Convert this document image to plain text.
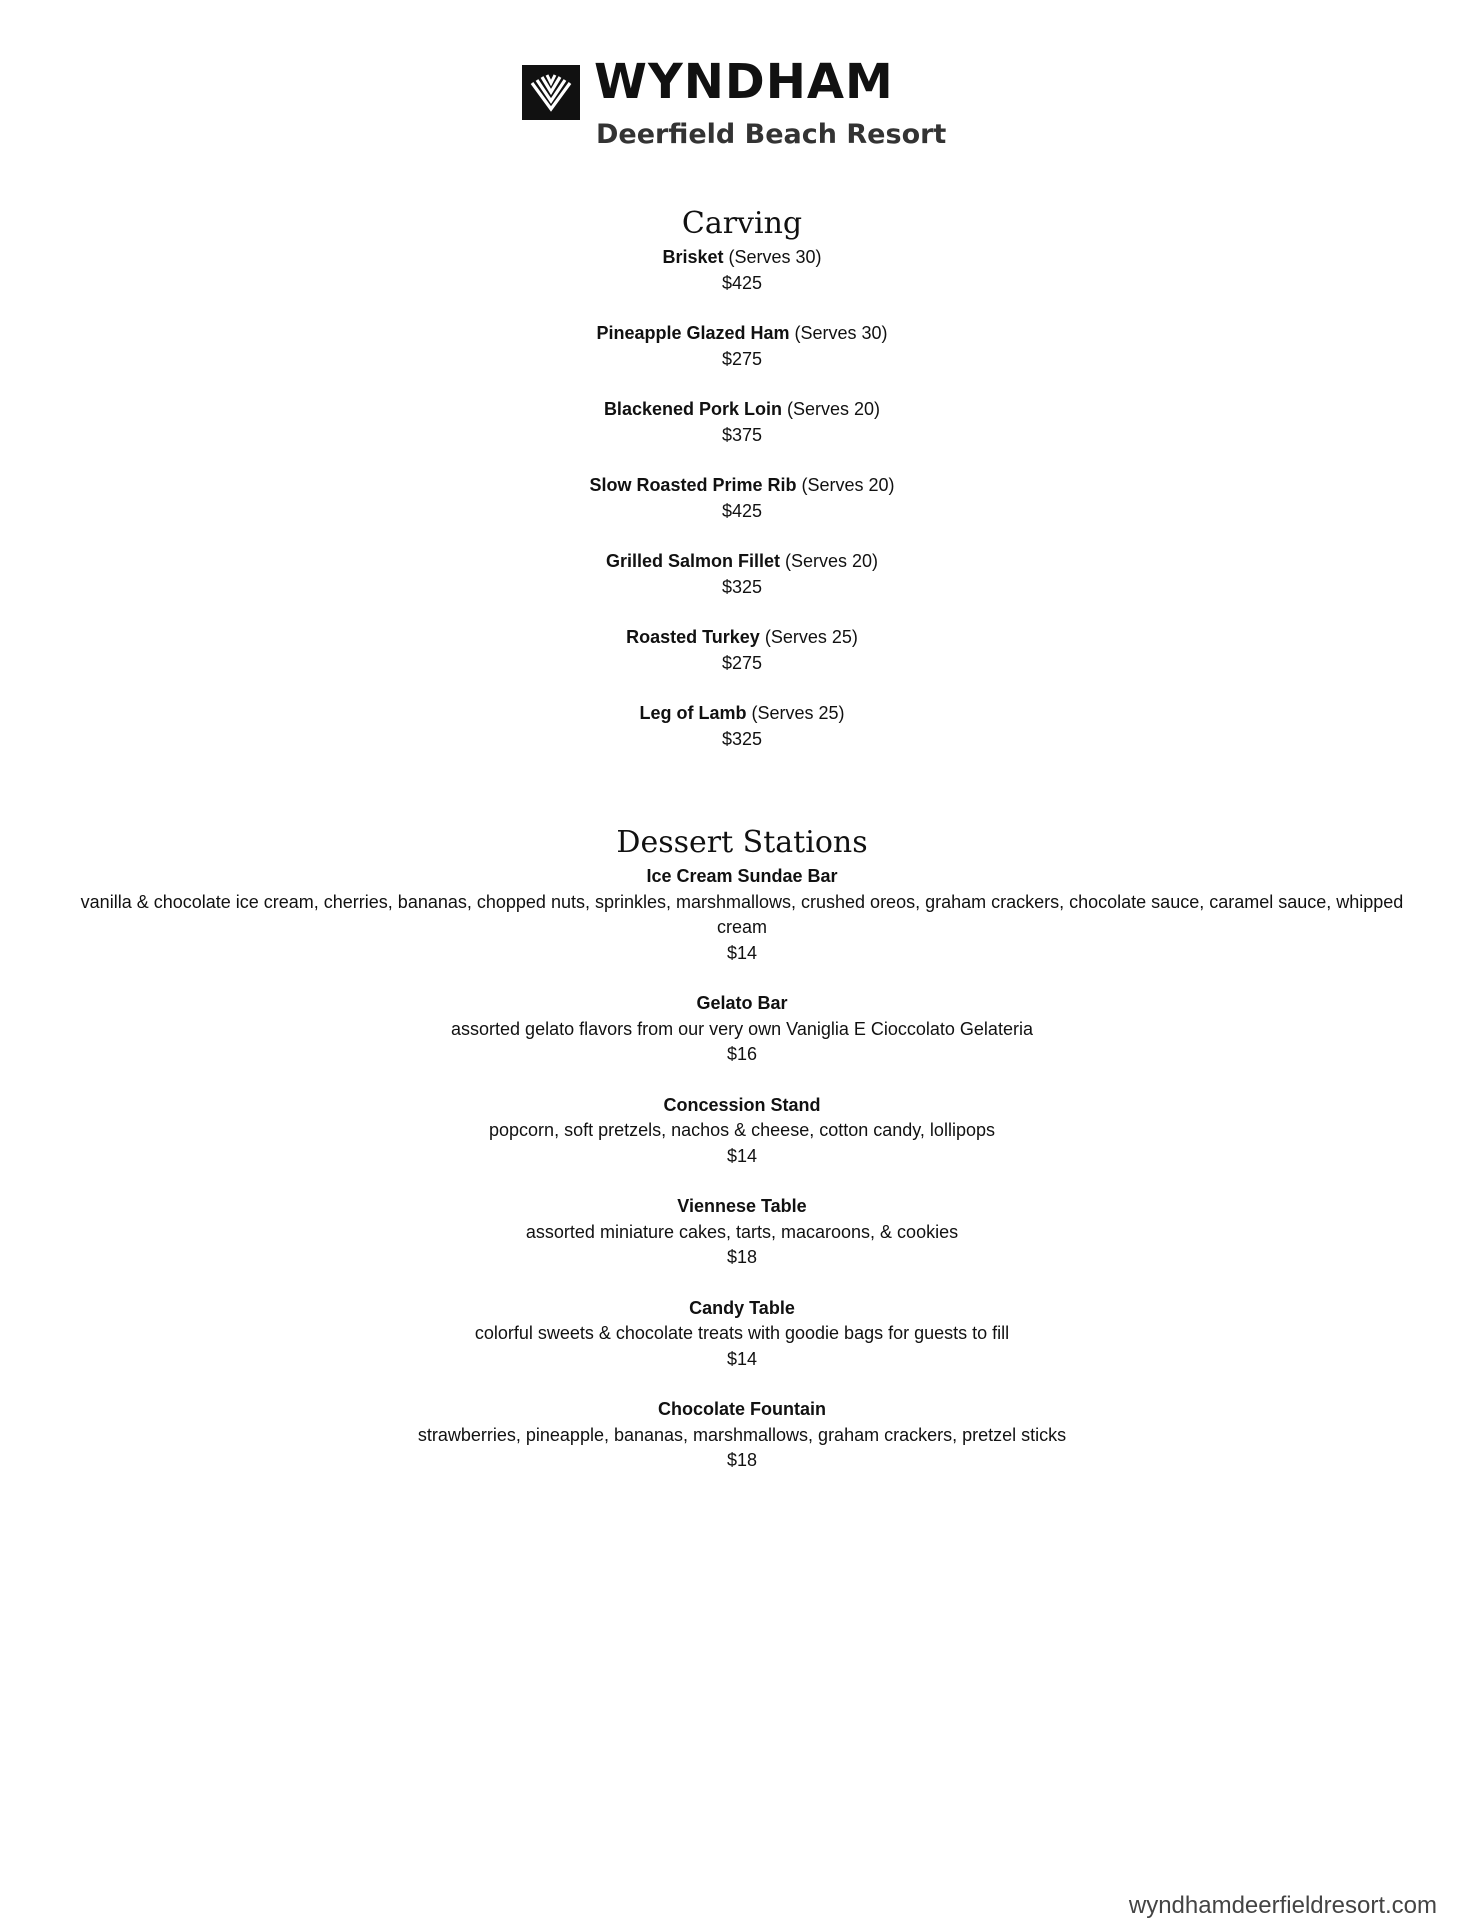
WYNDHAM
Deerfield Beach Resort
Carving
Brisket (Serves 30)
$425
Pineapple Glazed Ham (Serves 30)
$275
Blackened Pork Loin (Serves 20)
$375
Slow Roasted Prime Rib (Serves 20)
$425
Grilled Salmon Fillet (Serves 20)
$325
Roasted Turkey (Serves 25)
$275
Leg of Lamb (Serves 25)
$325
Dessert Stations
Ice Cream Sundae Bar
vanilla & chocolate ice cream, cherries, bananas, chopped nuts, sprinkles, marshmallows, crushed oreos, graham crackers, chocolate sauce, caramel sauce, whipped cream
$14
Gelato Bar
assorted gelato flavors from our very own Vaniglia E Cioccolato Gelateria
$16
Concession Stand
popcorn, soft pretzels, nachos & cheese, cotton candy, lollipops
$14
Viennese Table
assorted miniature cakes, tarts, macaroons, & cookies
$18
Candy Table
colorful sweets & chocolate treats with goodie bags for guests to fill
$14
Chocolate Fountain
strawberries, pineapple, bananas, marshmallows, graham crackers, pretzel sticks
$18
wyndhamdeerfieldresort.com
